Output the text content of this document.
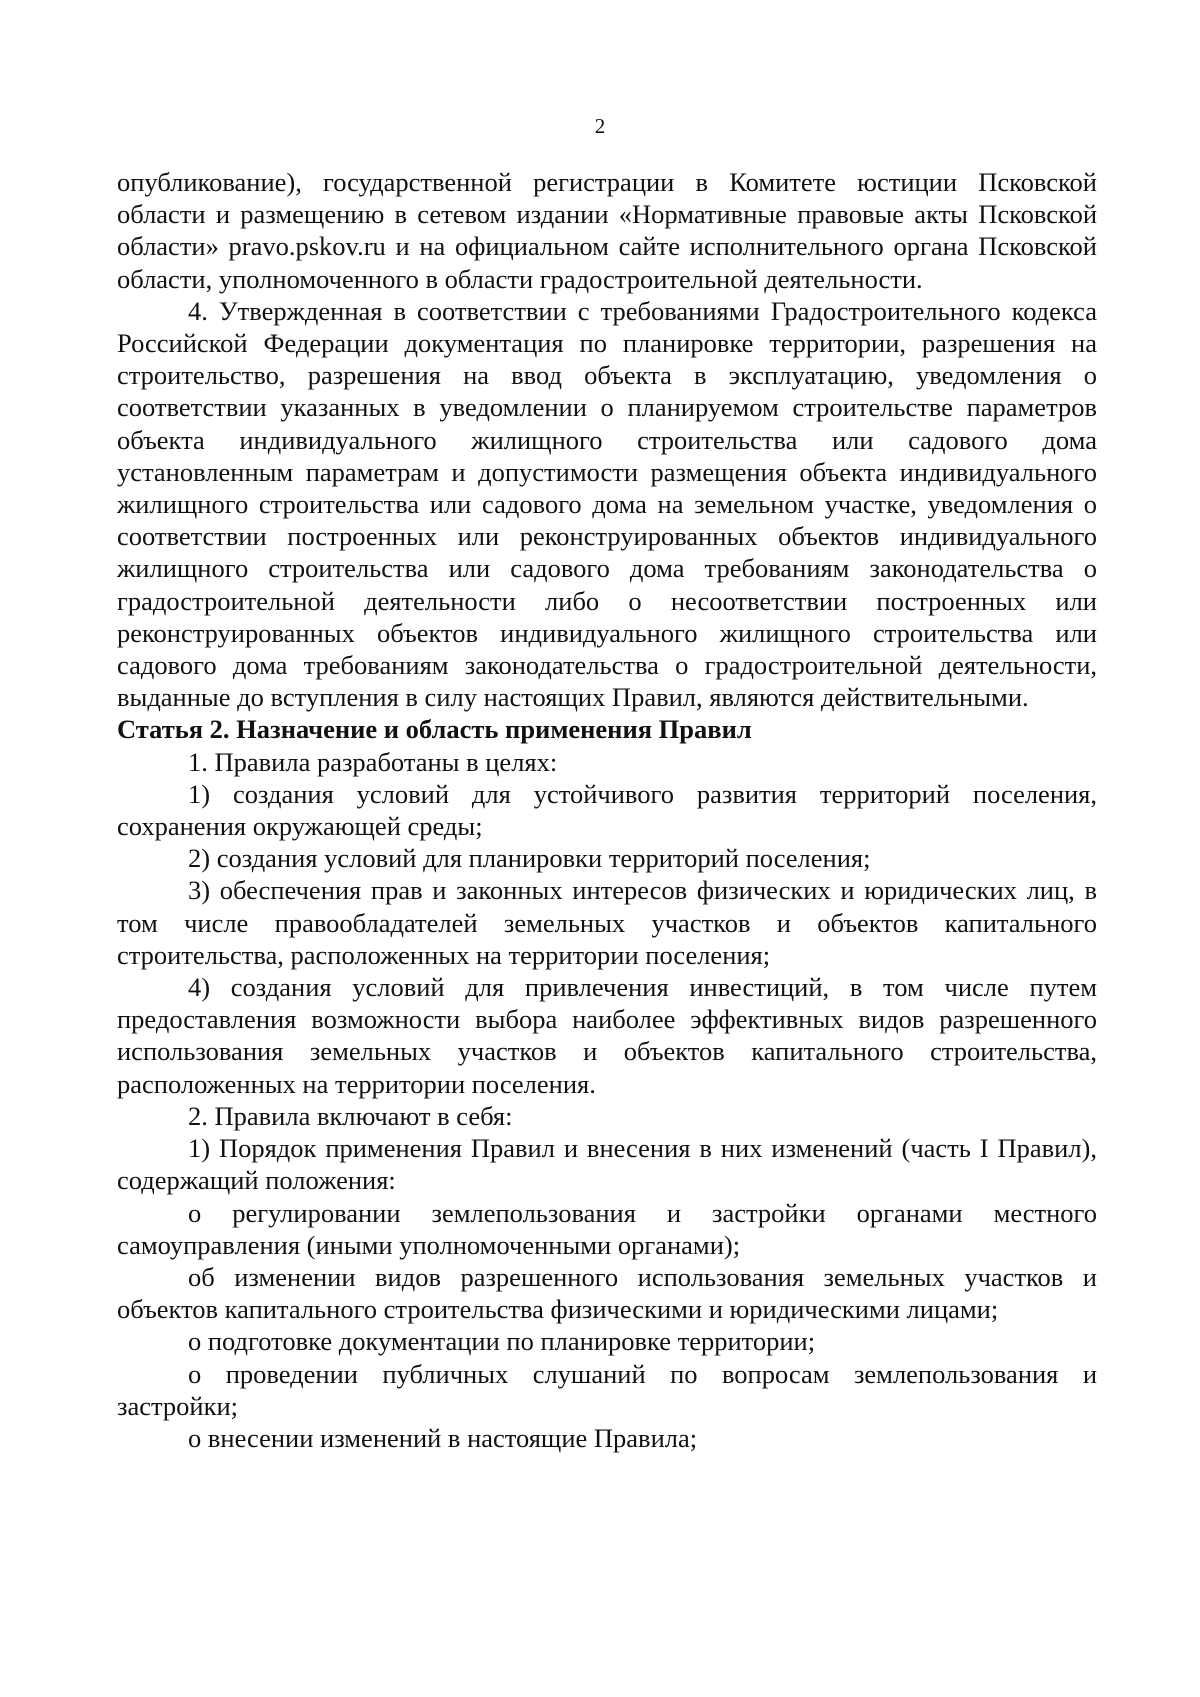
2

опубликование), государственной регистрации в Комитете юстиции Псковской области и размещению в сетевом издании «Нормативные правовые акты Псковской области» pravo.pskov.ru и на официальном сайте исполнительного органа Псковской области, уполномоченного в области градостроительной деятельности.

4. Утвержденная в соответствии с требованиями Градостроительного кодекса Российской Федерации документация по планировке территории, разрешения на строительство, разрешения на ввод объекта в эксплуатацию, уведомления о соответствии указанных в уведомлении о планируемом строительстве параметров объекта индивидуального жилищного строительства или садового дома установленным параметрам и допустимости размещения объекта индивидуального жилищного строительства или садового дома на земельном участке, уведомления о соответствии построенных или реконструированных объектов индивидуального жилищного строительства или садового дома требованиям законодательства о градостроительной деятельности либо о несоответствии построенных или реконструированных объектов индивидуального жилищного строительства или садового дома требованиям законодательства о градостроительной деятельности, выданные до вступления в силу настоящих Правил, являются действительными.

Статья 2. Назначение и область применения Правил

1. Правила разработаны в целях:

1) создания условий для устойчивого развития территорий поселения, сохранения окружающей среды;

2) создания условий для планировки территорий поселения;

3) обеспечения прав и законных интересов физических и юридических лиц, в том числе правообладателей земельных участков и объектов капитального строительства, расположенных на территории поселения;

4) создания условий для привлечения инвестиций, в том числе путем предоставления возможности выбора наиболее эффективных видов разрешенного использования земельных участков и объектов капитального строительства, расположенных на территории поселения.

2. Правила включают в себя:

1) Порядок применения Правил и внесения в них изменений (часть I Правил), содержащий положения:

о регулировании землепользования и застройки органами местного самоуправления (иными уполномоченными органами);

об изменении видов разрешенного использования земельных участков и объектов капитального строительства физическими и юридическими лицами;

о подготовке документации по планировке территории;

о проведении публичных слушаний по вопросам землепользования и застройки;

о внесении изменений в настоящие Правила;
